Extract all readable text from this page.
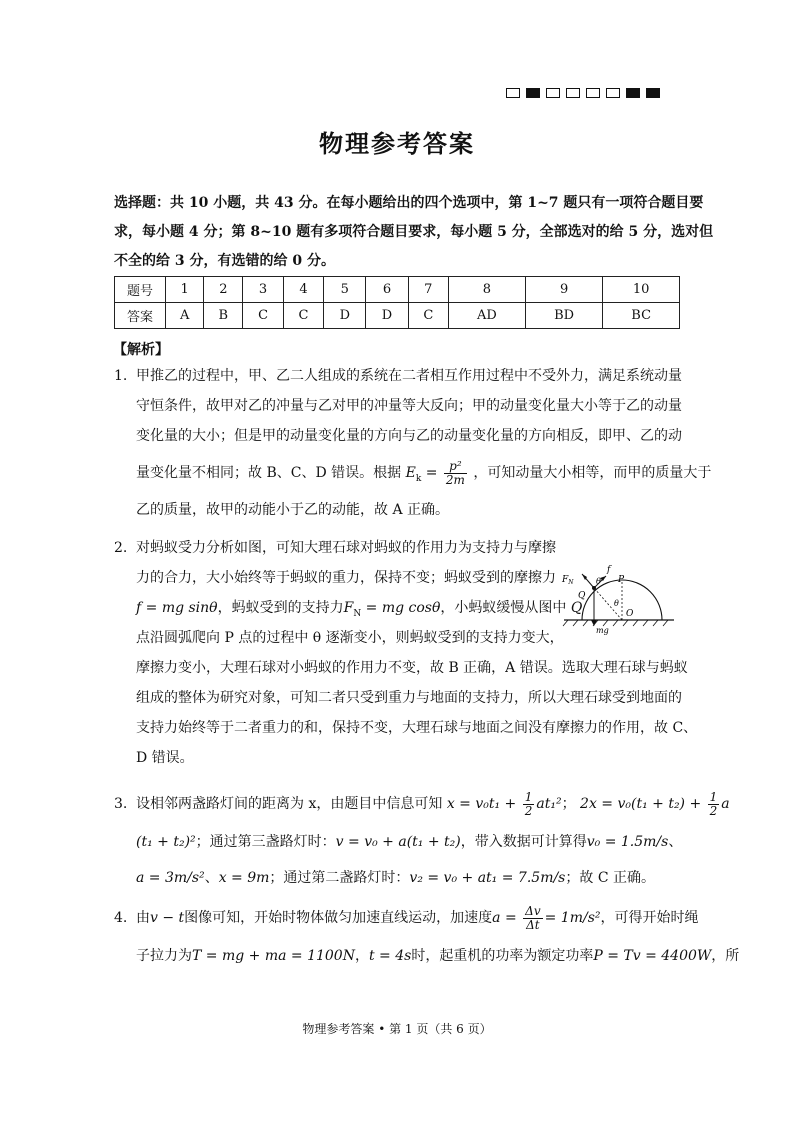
物理参考答案
选择题：共 10 小题，共 43 分。在每小题给出的四个选项中，第 1~7 题只有一项符合题目要
求，每小题 4 分；第 8~10 题有多项符合题目要求，每小题 5 分，全部选对的给 5 分，选对但
不全的给 3 分，有选错的给 0 分。
题号	1	2	3	4	5	6	7	8	9	10
答案	A	B	C	C	D	D	C	AD	BD	BC
【解析】
1. 甲推乙的过程中，甲、乙二人组成的系统在二者相互作用过程中不受外力，满足系统动量
守恒条件，故甲对乙的冲量与乙对甲的冲量等大反向；甲的动量变化量大小等于乙的动量
变化量的大小；但是甲的动量变化量的方向与乙的动量变化量的方向相反，即甲、乙的动
量变化量不相同；故 B、C、D 错误。根据 $E_k = \frac{\text{p²}}{2m}$ ，可知动量大小相等，而甲的质量大于
乙的质量，故甲的动能小于乙的动能，故 A 正确。
2. 对蚂蚁受力分析如图，可知大理石球对蚂蚁的作用力为支持力与摩擦
力的合力，大小始终等于蚂蚁的重力，保持不变；蚂蚁受到的摩擦力
f = mg sinθ，蚂蚁受到的支持力$F_N$ = mg cosθ，小蚂蚁缓慢从图中 Q
点沿圆弧爬向 P 点的过程中 θ 逐渐变小，则蚂蚁受到的支持力变大，
摩擦力变小，大理石球对小蚂蚁的作用力不变，故 B 正确，A 错误。选取大理石球与蚂蚁
组成的整体为研究对象，可知二者只受到重力与地面的支持力，所以大理石球受到地面的
支持力始终等于二者重力的和，保持不变，大理石球与地面之间没有摩擦力的作用，故 C、
D 错误。
$F_N$
f
P
Q
O
θ
θ
mg
3. 设相邻两盏路灯间的距离为 x，由题目中信息可知 $x = v_0t_1 + \frac{1}{2} at_1^2$； $2x = v_0(t_1 + t_2) + \frac{1}{2}$ a
(t₁ + t₂)²；通过第三盏路灯时：v = v₀ + a(t₁ + t₂)，带入数据可计算得v₀ = 1.5m/s、
a = 3m/s²、x = 9m；通过第二盏路灯时：v₂ = v₀ + at₁ = 7.5m/s；故 C 正确。
4. 由v − t图像可知，开始时物体做匀加速直线运动，加速度$a = \frac{\Delta v}{\Delta t} = 1m/s^2$，可得开始时绳
子拉力为T = mg + ma = 1100N，t = 4s时，起重机的功率为额定功率P = Tv = 4400W，所
物理参考答案 • 第 1 页（共 6 页）
